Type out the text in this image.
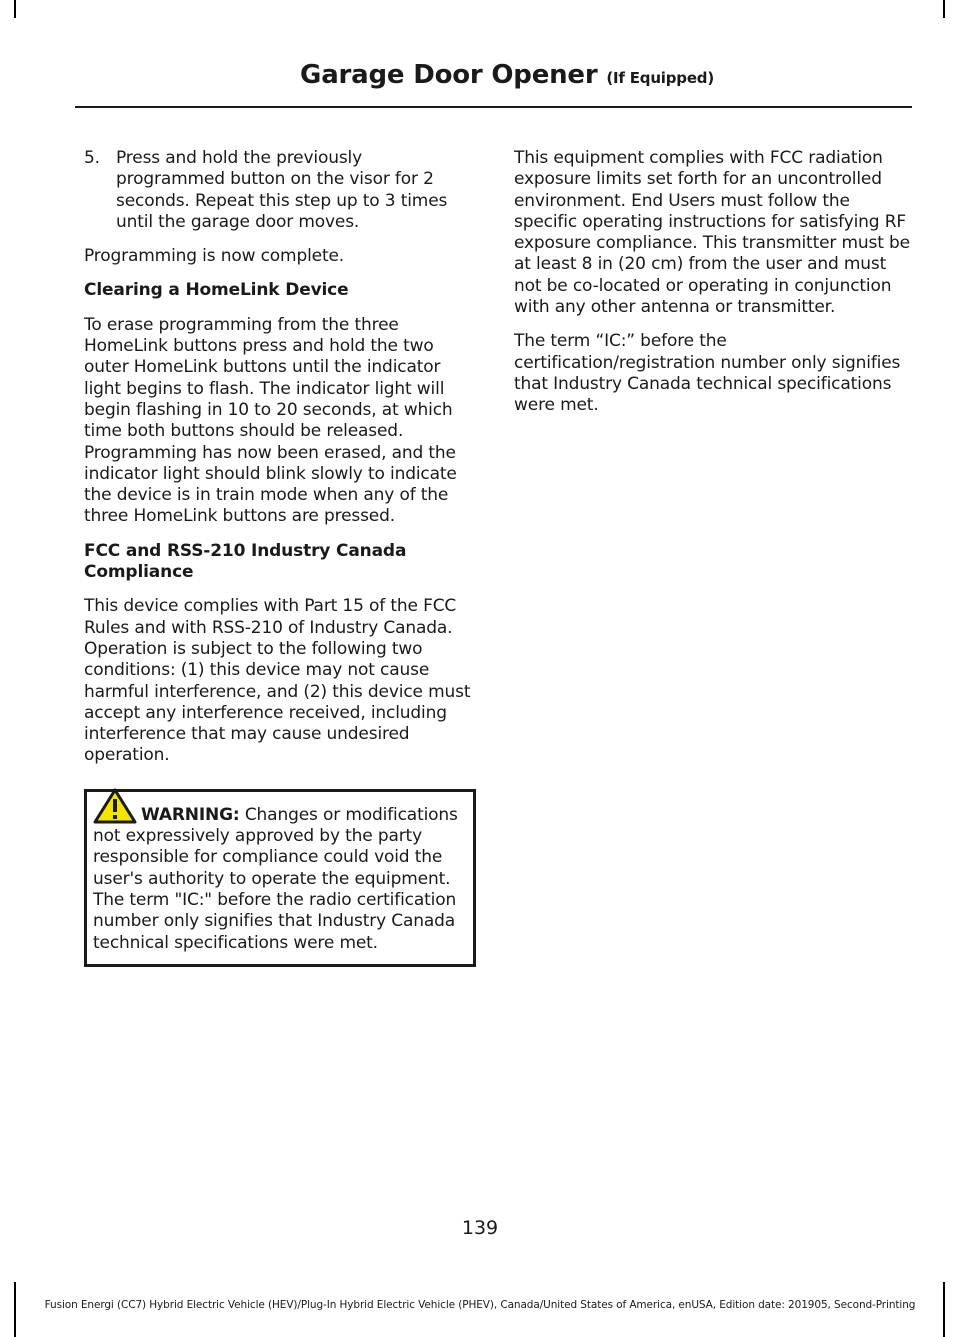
Garage Door Opener (If Equipped)
5. Press and hold the previously programmed button on the visor for 2 seconds. Repeat this step up to 3 times until the garage door moves.

Programming is now complete.

Clearing a HomeLink Device

To erase programming from the three HomeLink buttons press and hold the two outer HomeLink buttons until the indicator light begins to flash. The indicator light will begin flashing in 10 to 20 seconds, at which time both buttons should be released. Programming has now been erased, and the indicator light should blink slowly to indicate the device is in train mode when any of the three HomeLink buttons are pressed.

FCC and RSS-210 Industry Canada Compliance

This device complies with Part 15 of the FCC Rules and with RSS-210 of Industry Canada. Operation is subject to the following two conditions: (1) this device may not cause harmful interference, and (2) this device must accept any interference received, including interference that may cause undesired operation.

WARNING: Changes or modifications not expressively approved by the party responsible for compliance could void the user's authority to operate the equipment. The term "IC:" before the radio certification number only signifies that Industry Canada technical specifications were met.

This equipment complies with FCC radiation exposure limits set forth for an uncontrolled environment. End Users must follow the specific operating instructions for satisfying RF exposure compliance. This transmitter must be at least 8 in (20 cm) from the user and must not be co-located or operating in conjunction with any other antenna or transmitter.

The term “IC:” before the certification/registration number only signifies that Industry Canada technical specifications were met.

139
Fusion Energi (CC7) Hybrid Electric Vehicle (HEV)/Plug-In Hybrid Electric Vehicle (PHEV), Canada/United States of America, enUSA, Edition date: 201905, Second-Printing
